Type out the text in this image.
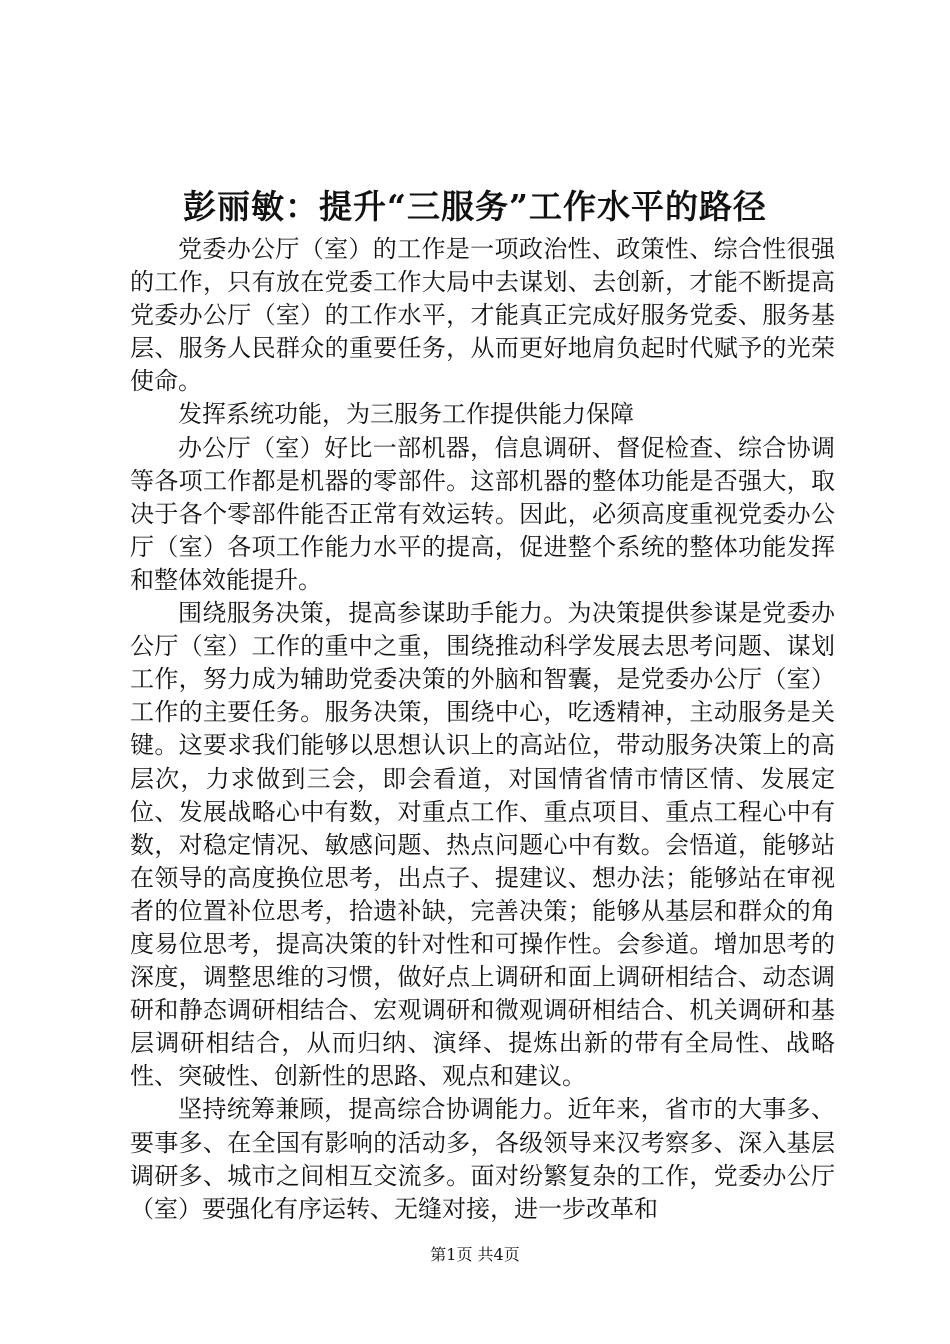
彭丽敏：提升“三服务”工作水平的路径

党委办公厅（室）的工作是一项政治性、政策性、综合性很强的工作，只有放在党委工作大局中去谋划、去创新，才能不断提高党委办公厅（室）的工作水平，才能真正完成好服务党委、服务基层、服务人民群众的重要任务，从而更好地肩负起时代赋予的光荣使命。

发挥系统功能，为三服务工作提供能力保障

办公厅（室）好比一部机器，信息调研、督促检查、综合协调等各项工作都是机器的零部件。这部机器的整体功能是否强大，取决于各个零部件能否正常有效运转。因此，必须高度重视党委办公厅（室）各项工作能力水平的提高，促进整个系统的整体功能发挥和整体效能提升。

围绕服务决策，提高参谋助手能力。为决策提供参谋是党委办公厅（室）工作的重中之重，围绕推动科学发展去思考问题、谋划工作，努力成为辅助党委决策的外脑和智囊，是党委办公厅（室）工作的主要任务。服务决策，围绕中心，吃透精神，主动服务是关键。这要求我们能够以思想认识上的高站位，带动服务决策上的高层次，力求做到三会，即会看道，对国情省情市情区情、发展定位、发展战略心中有数，对重点工作、重点项目、重点工程心中有数，对稳定情况、敏感问题、热点问题心中有数。会悟道，能够站在领导的高度换位思考，出点子、提建议、想办法；能够站在审视者的位置补位思考，拾遗补缺，完善决策；能够从基层和群众的角度易位思考，提高决策的针对性和可操作性。会参道。增加思考的深度，调整思维的习惯，做好点上调研和面上调研相结合、动态调研和静态调研相结合、宏观调研和微观调研相结合、机关调研和基层调研相结合，从而归纳、演绎、提炼出新的带有全局性、战略性、突破性、创新性的思路、观点和建议。

坚持统筹兼顾，提高综合协调能力。近年来，省市的大事多、要事多、在全国有影响的活动多，各级领导来汉考察多、深入基层调研多、城市之间相互交流多。面对纷繁复杂的工作，党委办公厅（室）要强化有序运转、无缝对接，进一步改革和

第1页 共4页
